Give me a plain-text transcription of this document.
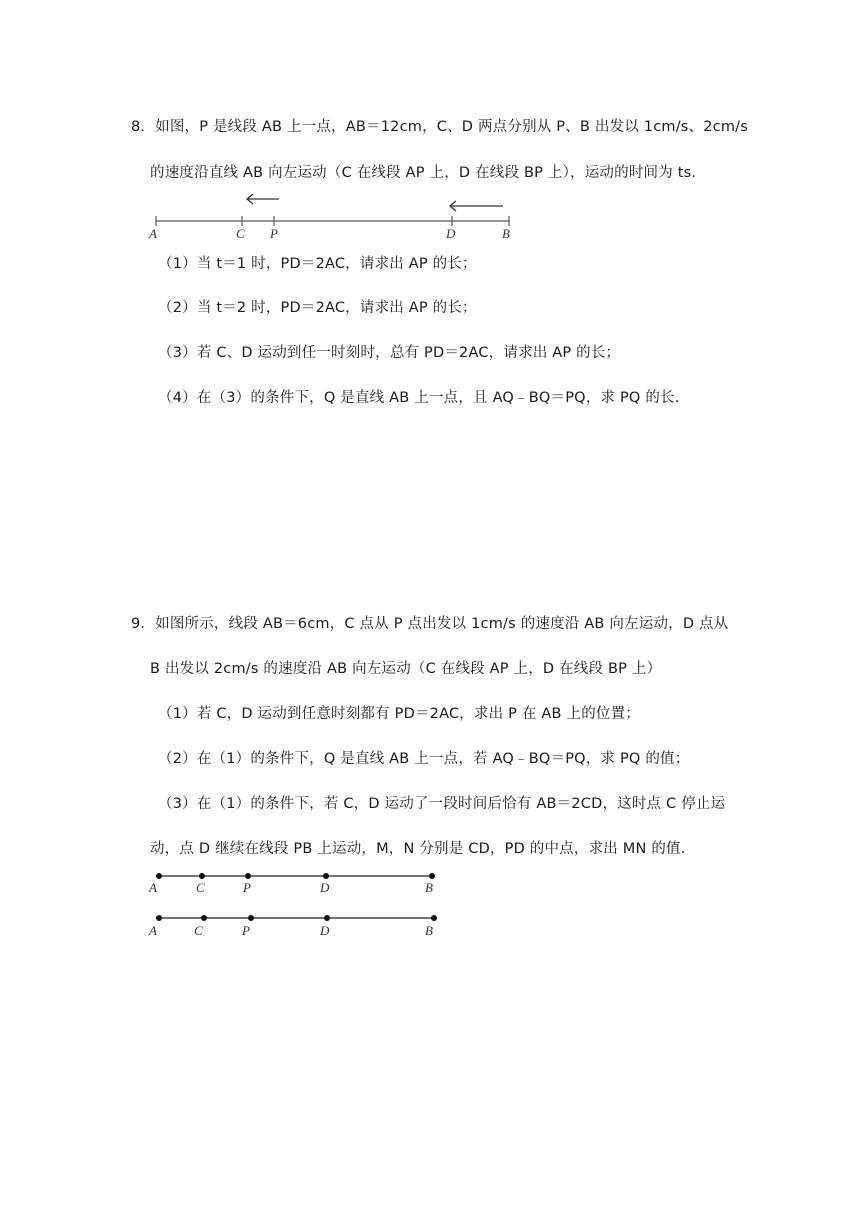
8．如图，P 是线段 AB 上一点，AB＝12cm，C、D 两点分别从 P、B 出发以 1cm/s、2cm/s
的速度沿直线 AB 向左运动（C 在线段 AP 上，D 在线段 BP 上），运动的时间为 ts.
A	C P	D	B
A	C	P	D	B
A	C	P	D	B
（1）当 t＝1 时，PD＝2AC，请求出 AP 的长；
（2）当 t＝2 时，PD＝2AC，请求出 AP 的长；
（3）若 C、D 运动到任一时刻时，总有 PD＝2AC，请求出 AP 的长；
（4）在（3）的条件下，Q 是直线 AB 上一点，且 AQ﹣BQ＝PQ，求 PQ 的长.
9．如图所示，线段 AB＝6cm，C 点从 P 点出发以 1cm/s 的速度沿 AB 向左运动，D 点从
B 出发以 2cm/s 的速度沿 AB 向左运动（C 在线段 AP 上，D 在线段 BP 上）
（1）若 C，D 运动到任意时刻都有 PD＝2AC，求出 P 在 AB 上的位置；
（2）在（1）的条件下，Q 是直线 AB 上一点，若 AQ﹣BQ＝PQ，求 PQ 的值；
（3）在（1）的条件下，若 C，D 运动了一段时间后恰有 AB＝2CD，这时点 C 停止运
动，点 D 继续在线段 PB 上运动，M，N 分别是 CD，PD 的中点，求出 MN 的值.
